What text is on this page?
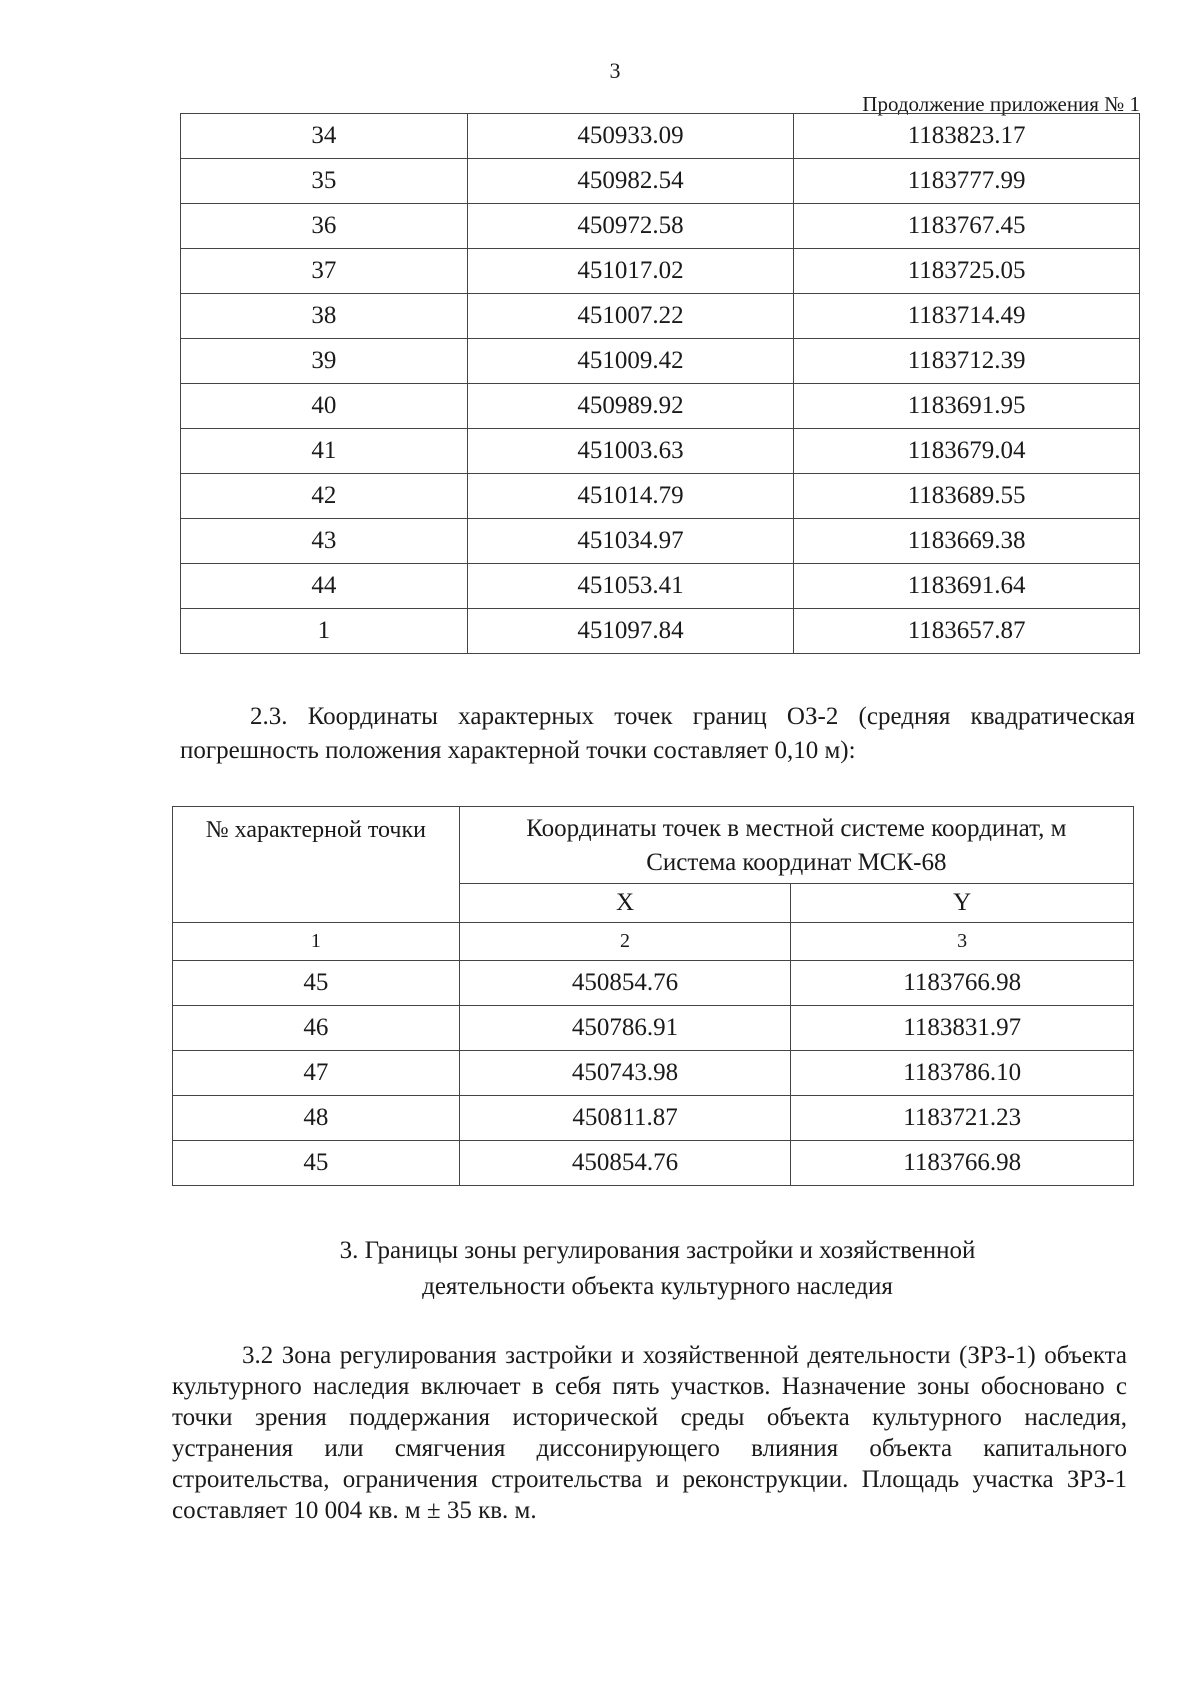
3
Продолжение приложения № 1
34	450933.09	1183823.17
35	450982.54	1183777.99
36	450972.58	1183767.45
37	451017.02	1183725.05
38	451007.22	1183714.49
39	451009.42	1183712.39
40	450989.92	1183691.95
41	451003.63	1183679.04
42	451014.79	1183689.55
43	451034.97	1183669.38
44	451053.41	1183691.64
1	451097.84	1183657.87
2.3. Координаты характерных точек границ ОЗ-2 (средняя квадратическая погрешность положения характерной точки составляет 0,10 м):
№ характерной точки	Координаты точек в местной системе координат, м
Система координат МСК-68	

	X	Y
1	2	3
45	450854.76	1183766.98
46	450786.91	1183831.97
47	450743.98	1183786.10
48	450811.87	1183721.23
45	450854.76	1183766.98
3. Границы зоны регулирования застройки и хозяйственной
деятельности объекта культурного наследия
3.2 Зона регулирования застройки и хозяйственной деятельности (ЗРЗ-1) объекта культурного наследия включает в себя пять участков. Назначение зоны обосновано с точки зрения поддержания исторической среды объекта культурного наследия, устранения или смягчения диссонирующего влияния объекта капитального строительства, ограничения строительства и реконструкции. Площадь участка ЗРЗ-1 составляет 10 004 кв. м ± 35 кв. м.
